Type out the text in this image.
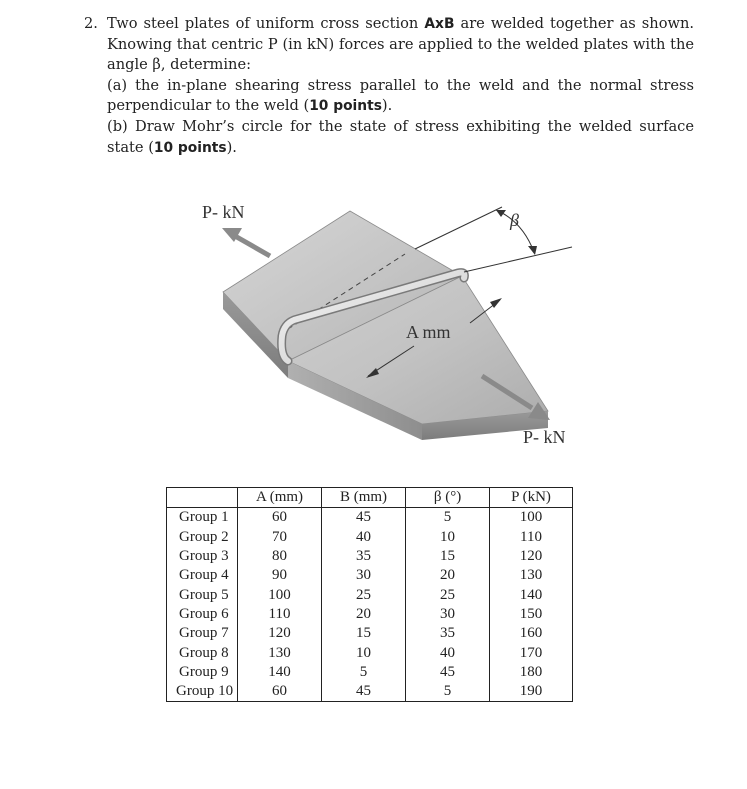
2. Two steel plates of uniform cross section AxB are welded together as shown. Knowing that centric P (in kN) forces are applied to the welded plates with the angle β, determine:

(a) the in-plane shearing stress parallel to the weld and the normal stress perpendicular to the weld (10 points).

(b) Draw Mohr’s circle for the state of stress exhibiting the welded surface state (10 points).

P- kN
P- kN
A mm
β
	A (mm)	B (mm)	β (°)	P (kN)
Group 1	60	45	5	100
Group 2	70	40	10	110
Group 3	80	35	15	120
Group 4	90	30	20	130
Group 5	100	25	25	140
Group 6	110	20	30	150
Group 7	120	15	35	160
Group 8	130	10	40	170
Group 9	140	5	45	180
Group 10	60	45	5	190
